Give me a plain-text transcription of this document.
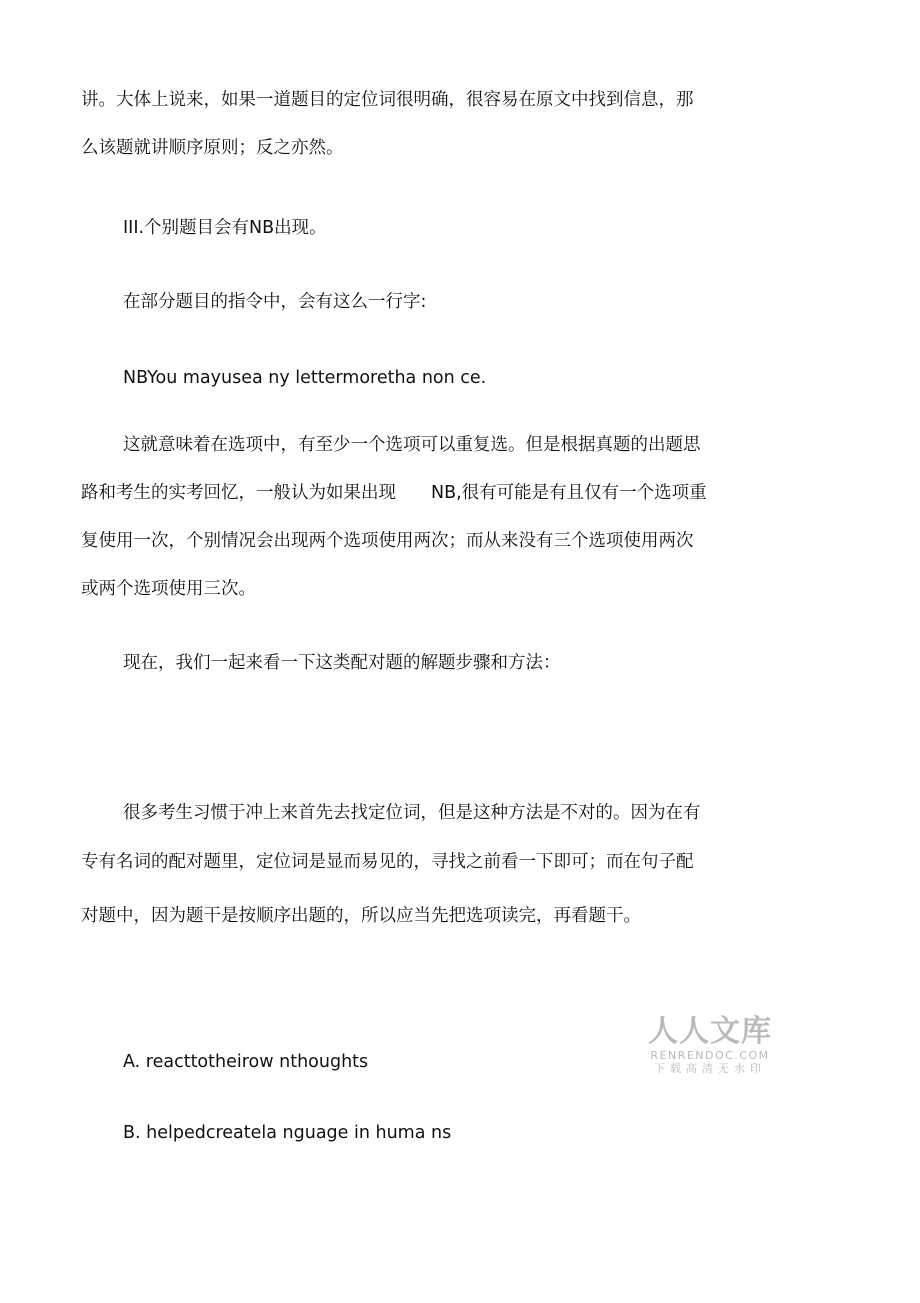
讲。大体上说来，如果一道题目的定位词很明确，很容易在原文中找到信息，那
么该题就讲顺序原则；反之亦然。
III.个别题目会有NB出现。
在部分题目的指令中，会有这么一行字:
NBYou mayusea ny lettermoretha non ce.
这就意味着在选项中，有至少一个选项可以重复选。但是根据真题的出题思
路和考生的实考回忆，一般认为如果出现　　NB,很有可能是有且仅有一个选项重
复使用一次，个别情况会出现两个选项使用两次；而从来没有三个选项使用两次
或两个选项使用三次。
现在，我们一起来看一下这类配对题的解题步骤和方法：
很多考生习惯于冲上来首先去找定位词，但是这种方法是不对的。因为在有
专有名词的配对题里，定位词是显而易见的，寻找之前看一下即可；而在句子配
对题中，因为题干是按顺序出题的，所以应当先把选项读完，再看题干。
A. reacttotheirow nthoughts
B. helpedcreatela nguage in huma ns
人人文库
RENRENDOC.COM
下载高清无水印
